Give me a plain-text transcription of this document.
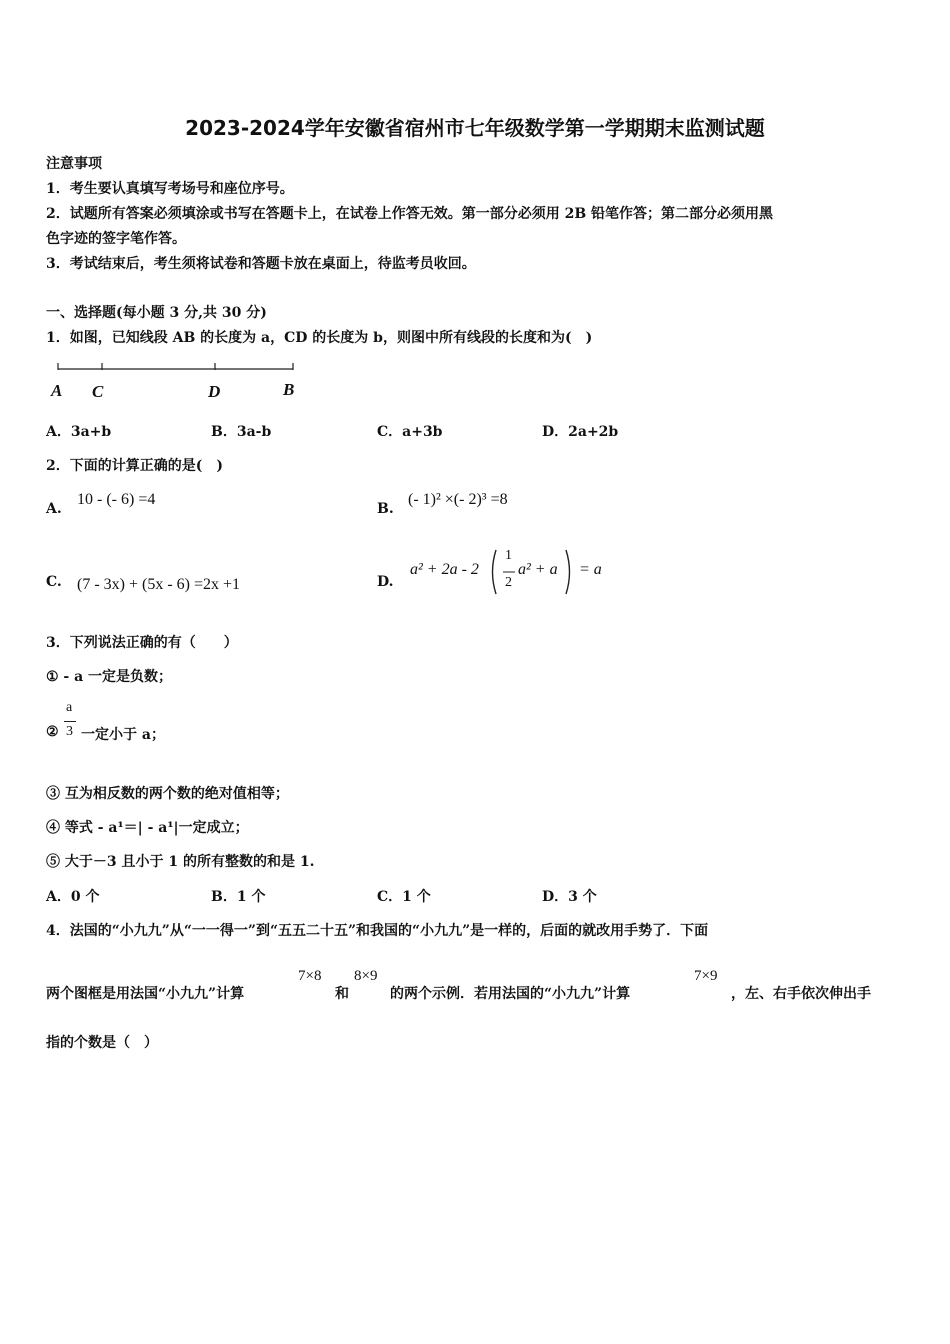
2023-2024学年安徽省宿州市七年级数学第一学期期末监测试题
注意事项
1．考生要认真填写考场号和座位序号。
2．试题所有答案必须填涂或书写在答题卡上，在试卷上作答无效。第一部分必须用 2B 铅笔作答；第二部分必须用黑
色字迹的签字笔作答。
3．考试结束后，考生须将试卷和答题卡放在桌面上，待监考员收回。
一、选择题(每小题 3 分,共 30 分)
1．如图，已知线段 AB 的长度为 a，CD 的长度为 b，则图中所有线段的长度和为(　)
A C	D	B
A．3a+b	B．3a-b	C．a+3b	D．2a+2b
2．下面的计算正确的是(　)
A.
10 - (- 6) =4
B.
(- 1)² ×(- 2)³ =8
C. (7 - 3x) + (5x - 6) =2x +1	D.
a² + 2a - 2
1
2
a² + a = a
3．下列说法正确的有（　　）
① - a 一定是负数；
a
3
② 一定小于 a；
③ 互为相反数的两个数的绝对值相等；
④ 等式 - a¹＝| - a¹|一定成立；
⑤ 大于－3 且小于 1 的所有整数的和是 1.
A．0 个	B．1 个	C．1 个	D．3 个
4．法国的“小九九”从“一一得一”到“五五二十五”和我国的“小九九”是一样的，后面的就改用手势了．下面
两个图框是用法国“小九九”计算
7×8
和
8×9
的两个示例．若用法国的“小九九”计算
7×9
，左、右手依次伸出手
指的个数是（　）
